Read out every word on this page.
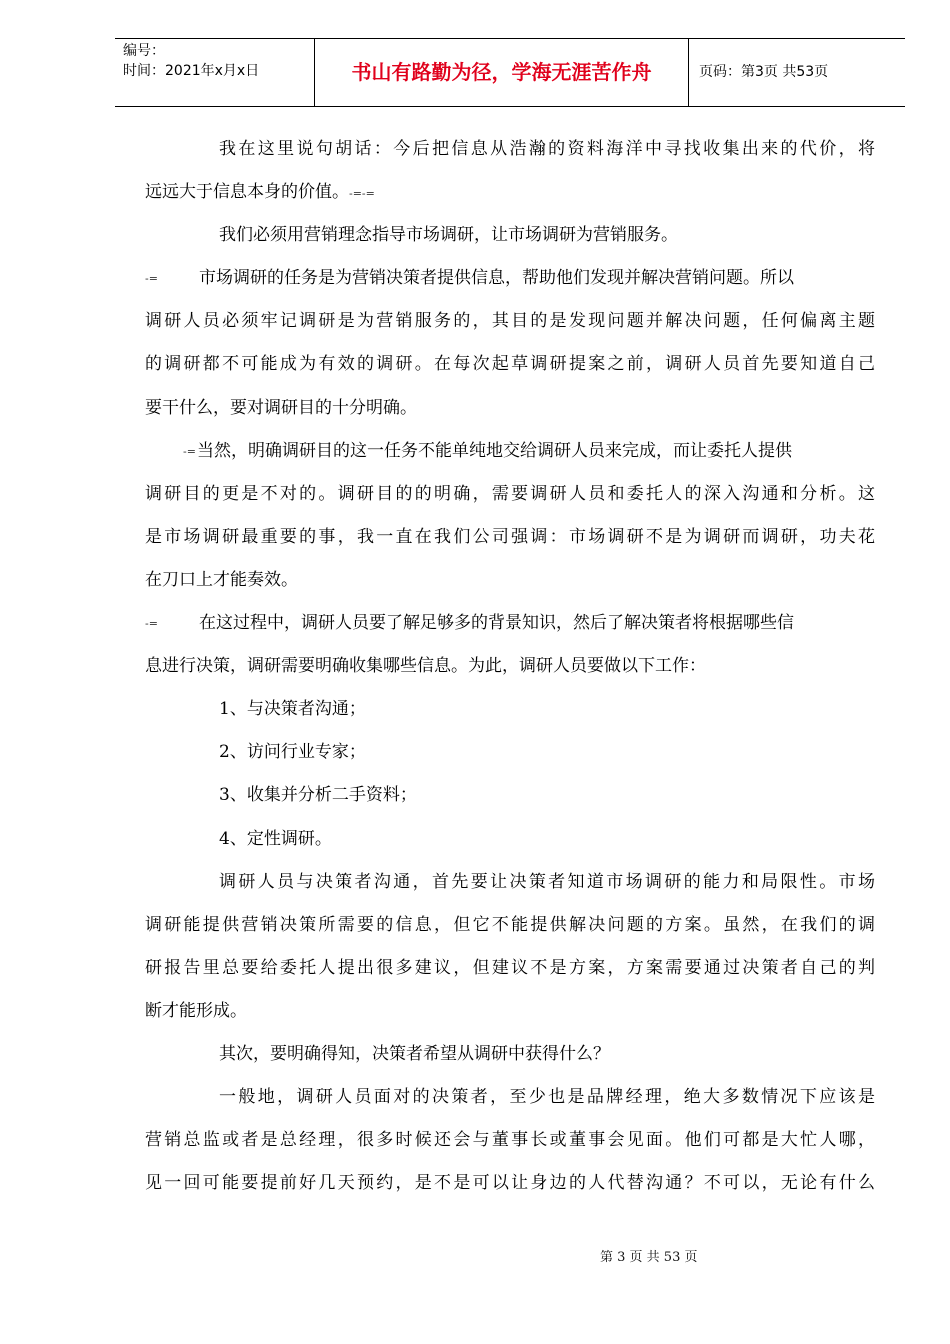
编号：
时间：2021年x月x日	书山有路勤为径，学海无涯苦作舟	页码：第3页 共53页
我在这里说句胡话：今后把信息从浩瀚的资料海洋中寻找收集出来的代价，将
远远大于信息本身的价值。-=-=
我们必须用营销理念指导市场调研，让市场调研为营销服务。
-= 市场调研的任务是为营销决策者提供信息，帮助他们发现并解决营销问题。所以
调研人员必须牢记调研是为营销服务的，其目的是发现问题并解决问题，任何偏离主题
的调研都不可能成为有效的调研。在每次起草调研提案之前，调研人员首先要知道自己
要干什么，要对调研目的十分明确。
-= 当然，明确调研目的这一任务不能单纯地交给调研人员来完成，而让委托人提供
调研目的更是不对的。调研目的的明确，需要调研人员和委托人的深入沟通和分析。这
是市场调研最重要的事，我一直在我们公司强调：市场调研不是为调研而调研，功夫花
在刀口上才能奏效。
-= 在这过程中，调研人员要了解足够多的背景知识，然后了解决策者将根据哪些信
息进行决策，调研需要明确收集哪些信息。为此，调研人员要做以下工作：
1、与决策者沟通；
2、访问行业专家；
3、收集并分析二手资料；
4、定性调研。
调研人员与决策者沟通，首先要让决策者知道市场调研的能力和局限性。市场
调研能提供营销决策所需要的信息，但它不能提供解决问题的方案。虽然，在我们的调
研报告里总要给委托人提出很多建议，但建议不是方案，方案需要通过决策者自己的判
断才能形成。
其次，要明确得知，决策者希望从调研中获得什么？
一般地，调研人员面对的决策者，至少也是品牌经理，绝大多数情况下应该是
营销总监或者是总经理，很多时候还会与董事长或董事会见面。他们可都是大忙人哪，
见一回可能要提前好几天预约，是不是可以让身边的人代替沟通？不可以，无论有什么
第 3 页 共 53 页
